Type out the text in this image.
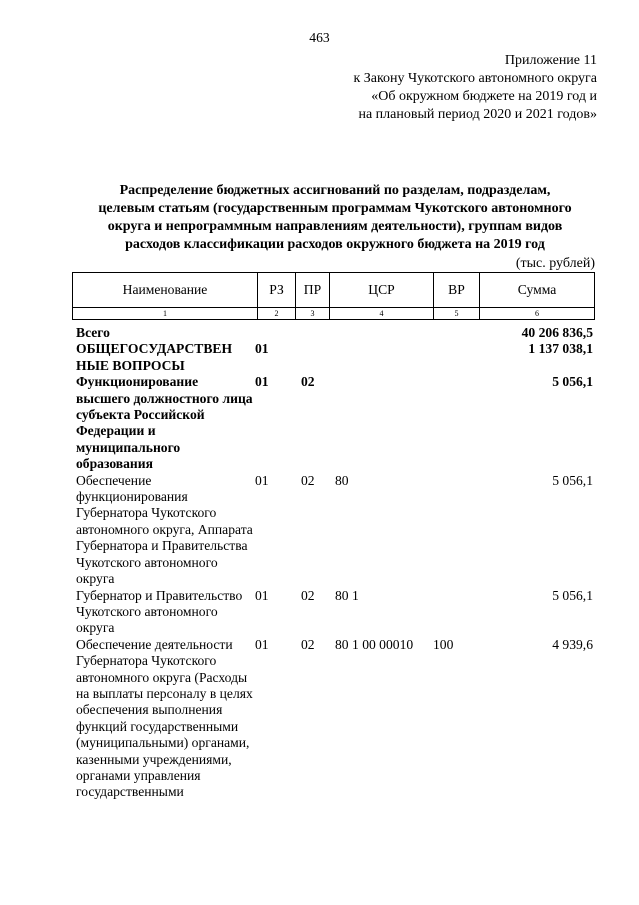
463
Приложение 11
к Закону Чукотского автономного округа
«Об окружном бюджете на 2019 год и
на плановый период 2020 и 2021 годов»
Распределение бюджетных ассигнований по разделам, подразделам,
целевым статьям (государственным программам Чукотского автономного
округа и непрограммным направлениям деятельности), группам видов
расходов классификации расходов окружного бюджета на 2019 год
(тыс. рублей)
Наименование	РЗ	ПР	ЦСР	ВР	Сумма
1	2	3	4	5	6
Всего					40 206 836,5
ОБЩЕГОСУДАРСТВЕН НЫЕ ВОПРОСЫ	01				1 137 038,1
Функционирование высшего должностного лица субъекта Российской Федерации и муниципального образования	01	02			5 056,1
Обеспечение функционирования Губернатора Чукотского автономного округа, Аппарата Губернатора и Правительства Чукотского автономного округа	01	02	80		5 056,1
Губернатор и Правительство Чукотского автономного округа	01	02	80 1		5 056,1
Обеспечение деятельности Губернатора Чукотского автономного округа (Расходы на выплаты персоналу в целях обеспечения выполнения функций государственными (муниципальными) органами, казенными учреждениями, органами управления государственными	01	02	80 1 00 00010	100	4 939,6
